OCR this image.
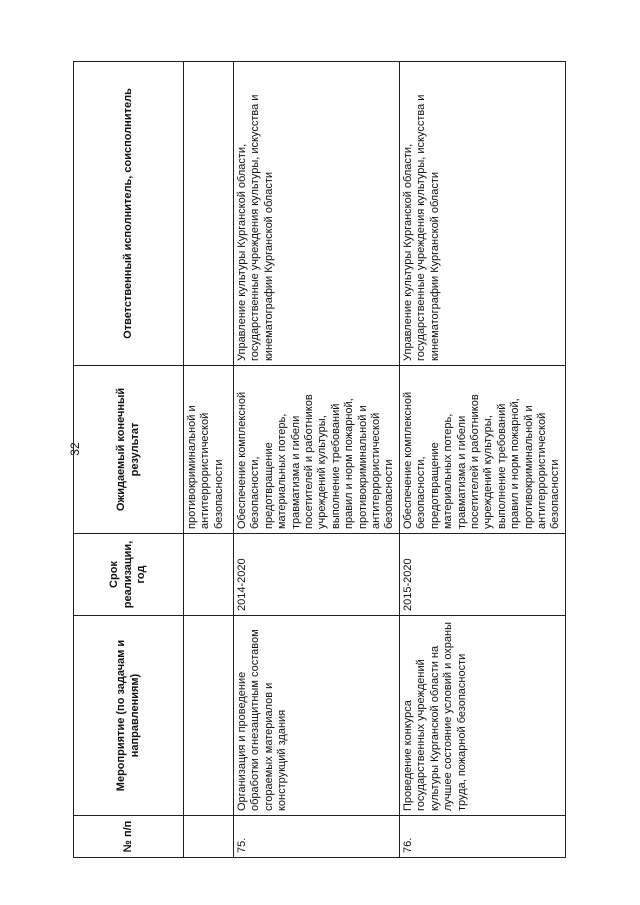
32
№ п/п	Мероприятие (по задачам и направлениям)	Срок реализации, год	Ожидаемый конечный результат	Ответственный исполнитель, соисполнитель
			противокриминальной и антитеррористической безопасности	
75.	Организация и проведение обработки огнезащитным составом сгораемых материалов и конструкций здания	2014-2020	Обеспечение комплексной безопасности, предотвращение материальных потерь, травматизма и гибели посетителей и работников учреждений культуры, выполнение требований правил и норм пожарной, противокриминальной и антитеррористической безопасности	Управление культуры Курганской области, государственные учреждения культуры, искусства и кинематографии Курганской области
76.	Проведение конкурса государственных учреждений культуры Курганской области на лучшее состояние условий и охраны труда, пожарной безопасности	2015-2020	Обеспечение комплексной безопасности, предотвращение материальных потерь, травматизма и гибели посетителей и работников учреждений культуры, выполнение требований правил и норм пожарной, противокриминальной и антитеррористической безопасности	Управление культуры Курганской области, государственные учреждения культуры, искусства и кинематографии Курганской области
